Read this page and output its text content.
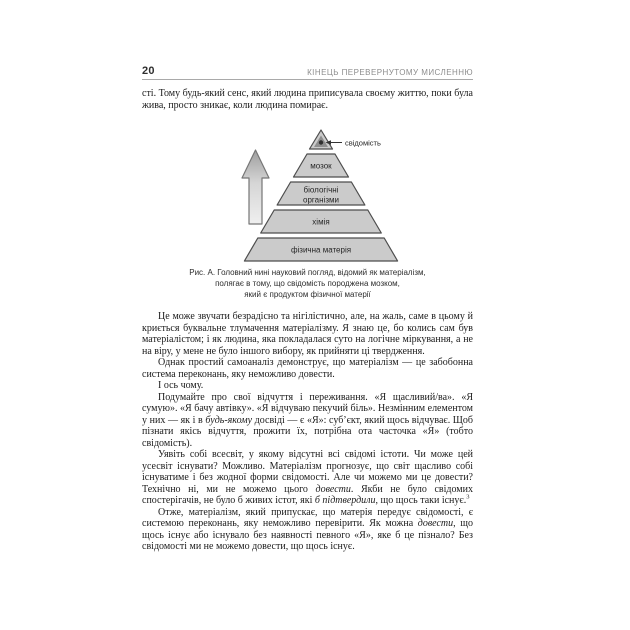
20	КІНЕЦЬ ПЕРЕВЕРНУТОМУ МИСЛЕННЮ
сті. Тому будь-який сенс, який людина приписувала своєму життю, поки була жива, просто зникає, коли людина помирає.
свідомість
мозок
біологічні
організми
хімія
фізична матерія
Рис. А. Головний нині науковий погляд, відомий як матеріалізм,
полягає в тому, що свідомість породжена мозком,
який є продуктом фізичної матерії
Це може звучати безрадісно та нігілістично, але, на жаль, саме в цьому й криється буквальне тлумачення матеріалізму. Я знаю це, бо колись сам був матеріалістом; і як людина, яка покладалася суто на логічне міркування, а не на віру, у мене не було іншого вибору, як прийняти ці твердження.
Однак простий самоаналіз демонструє, що матеріалізм — це забобонна система переконань, яку неможливо довести.
І ось чому.
Подумайте про свої відчуття і переживання. «Я щасливий/ва». «Я сумую». «Я бачу автівку». «Я відчуваю пекучий біль». Незмінним елементом у них — як і в будь-якому досвіді — є «Я»: суб’єкт, який щось відчуває. Щоб пізнати якісь відчуття, прожити їх, потрібна ота часточка «Я» (тобто свідомість).
Уявіть собі всесвіт, у якому відсутні всі свідомі істоти. Чи може цей усесвіт існувати? Можливо. Матеріалізм прогнозує, що світ щасливо собі існуватиме і без жодної форми свідомості. Але чи можемо ми це довести? Технічно ні, ми не можемо цього довести. Якби не було свідомих спостерігачів, не було б живих істот, які б підтвердили, що щось таки існує.$^3$
Отже, матеріалізм, який припускає, що матерія передує свідомості, є системою переконань, яку неможливо перевірити. Як можна довести, що щось існує або існувало без наявності певного «Я», яке б це пізнало? Без свідомості ми не можемо довести, що щось існує.
